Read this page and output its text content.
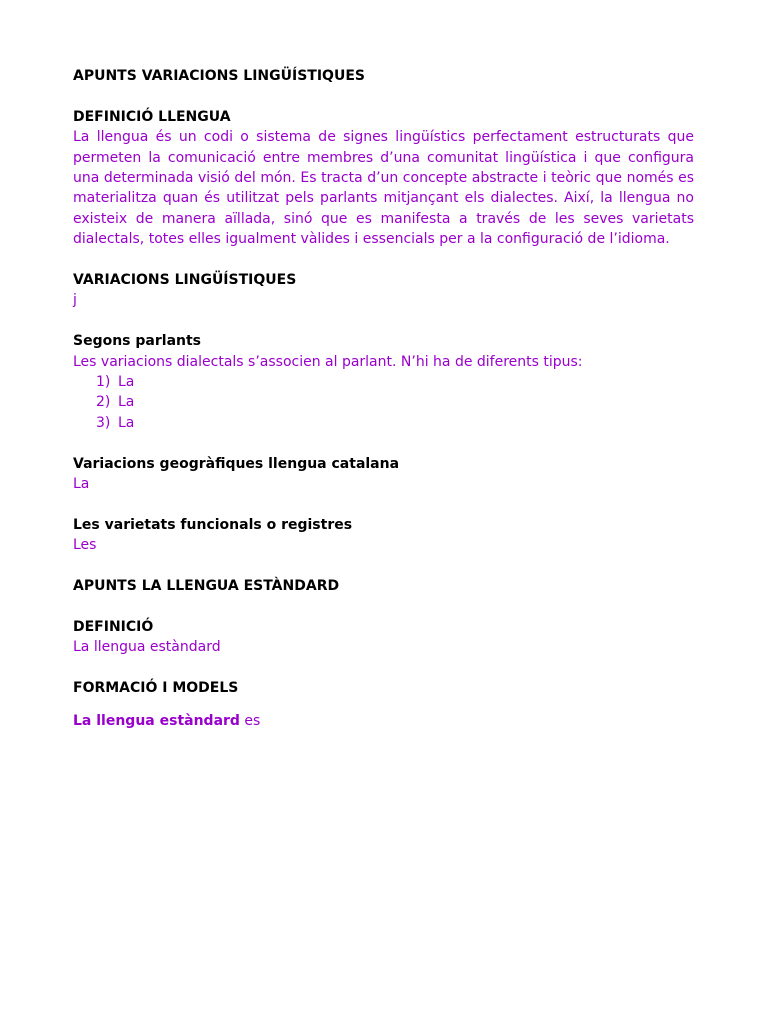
APUNTS VARIACIONS LINGÜÍSTIQUES
DEFINICIÓ LLENGUA
La llengua és un codi o sistema de signes lingüístics perfectament estructurats que permeten la comunicació entre membres d’una comunitat lingüística i que configura una determinada visió del món. Es tracta d’un concepte abstracte i teòric que només es materialitza quan és utilitzat pels parlants mitjançant els dialectes. Així, la llengua no existeix de manera aïllada, sinó que es manifesta a través de les seves varietats dialectals, totes elles igualment vàlides i essencials per a la configuració de l’idioma.
VARIACIONS LINGÜÍSTIQUES
j
Segons parlants
Les variacions dialectals s’associen al parlant. N’hi ha de diferents tipus:
1) La
2) La
3) La
Variacions geogràfiques llengua catalana
La
Les varietats funcionals o registres
Les
APUNTS LA LLENGUA ESTÀNDARD
DEFINICIÓ
La llengua estàndard
FORMACIÓ I MODELS
La llengua estàndard es
